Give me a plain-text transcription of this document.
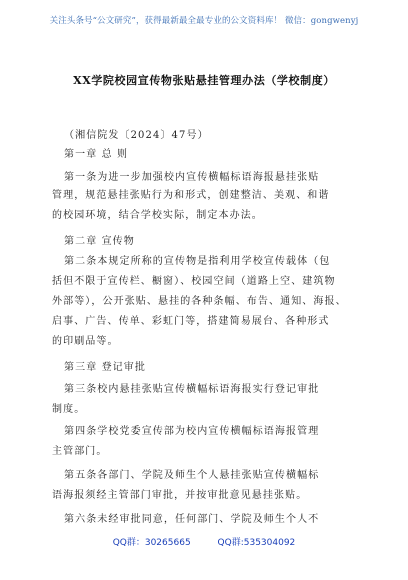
关注头条号“公文研究”，获得最新最全最专业的公文资料库！ 微信：gongwenyj
XX学院校园宣传物张贴悬挂管理办法（学校制度）
（湘信院发〔2024〕47号）
第一章 总 则
第一条为进一步加强校内宣传横幅标语海报悬挂张贴
管理，规范悬挂张贴行为和形式，创建整洁、美观、和谐
的校园环境，结合学校实际，制定本办法。
第二章 宣传物
第二条本规定所称的宣传物是指利用学校宣传载体（包
括但不限于宣传栏、橱窗）、校园空间（道路上空、建筑物
外部等），公开张贴、悬挂的各种条幅、布告、通知、海报、
启事、广告、传单、彩虹门等，搭建简易展台、各种形式
的印刷品等。
第三章 登记审批
第三条校内悬挂张贴宣传横幅标语海报实行登记审批
制度。
第四条学校党委宣传部为校内宣传横幅标语海报管理
主管部门。
第五条各部门、学院及师生个人悬挂张贴宣传横幅标
语海报须经主管部门审批，并按审批意见悬挂张贴。
第六条未经审批同意，任何部门、学院及师生个人不
QQ群：30265665	QQ群:535304092
